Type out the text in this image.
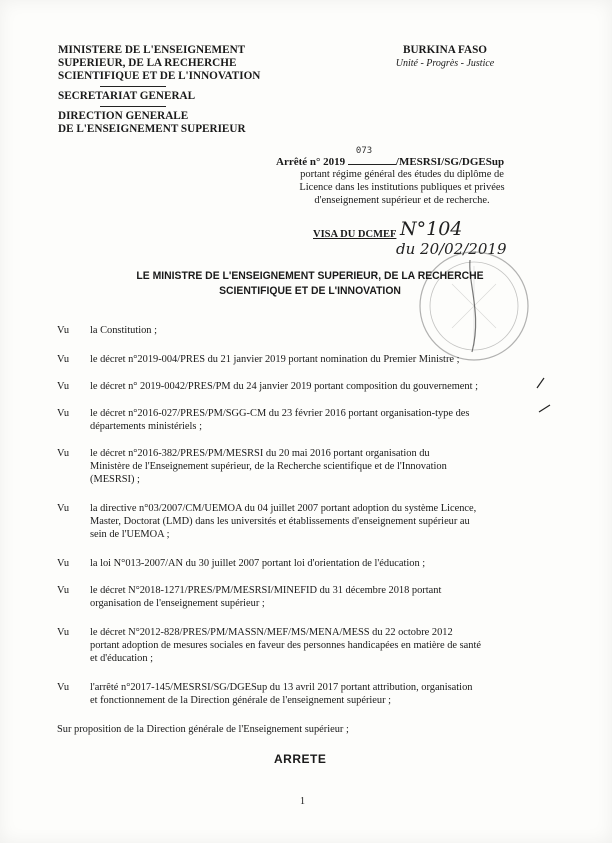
MINISTERE DE L'ENSEIGNEMENT
SUPERIEUR, DE LA RECHERCHE
SCIENTIFIQUE ET DE L'INNOVATION
SECRETARIAT GENERAL
DIRECTION GENERALE
DE L'ENSEIGNEMENT SUPERIEUR
BURKINA FASO
Unité - Progrès - Justice
Arrêté n° 2019
073
/MESRSI/SG/DGESup
portant régime général des études du diplôme de
Licence dans les institutions publiques et privées
d'enseignement supérieur et de recherche.
VISA DU DCMEF N°104
du 20/02/2019
LE MINISTRE DE L'ENSEIGNEMENT SUPERIEUR, DE LA RECHERCHE
SCIENTIFIQUE ET DE L'INNOVATION
Vu	la Constitution ;
Vu	le décret n°2019-004/PRES du 21 janvier 2019 portant nomination du Premier Ministre ;
Vu	le décret n° 2019-0042/PRES/PM du 24 janvier 2019 portant composition du gouvernement ;
Vu	le décret n°2016-027/PRES/PM/SGG-CM du 23 février 2016 portant organisation-type des
départements ministériels ;
Vu	le décret n°2016-382/PRES/PM/MESRSI du 20 mai 2016 portant organisation du
Ministère de l'Enseignement supérieur, de la Recherche scientifique et de l'Innovation
(MESRSI) ;
Vu	la directive n°03/2007/CM/UEMOA du 04 juillet 2007 portant adoption du système Licence,
Master, Doctorat (LMD) dans les universités et établissements d'enseignement supérieur au
sein de l'UEMOA ;
Vu	la loi N°013-2007/AN du 30 juillet 2007 portant loi d'orientation de l'éducation ;
Vu	le décret N°2018-1271/PRES/PM/MESRSI/MINEFID du 31 décembre 2018 portant
organisation de l'enseignement supérieur ;
Vu	le décret N°2012-828/PRES/PM/MASSN/MEF/MS/MENA/MESS du 22 octobre 2012
portant adoption de mesures sociales en faveur des personnes handicapées en matière de santé
et d'éducation ;
Vu	l'arrêté n°2017-145/MESRSI/SG/DGESup du 13 avril 2017 portant attribution, organisation
et fonctionnement de la Direction générale de l'enseignement supérieur ;
Sur proposition de la Direction générale de l'Enseignement supérieur ;
ARRETE
1
